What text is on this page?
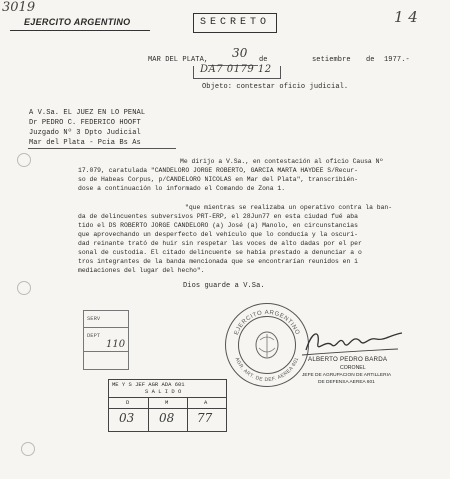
3019
EJERCITO ARGENTINO	SECRETO	1 4
MAR DEL PLATA, 30 de	setiembre de 1977.-
DA7 0179 12
Objeto: contestar oficio judicial.
A V.Sa. EL JUEZ EN LO PENAL
Dr PEDRO C. FEDERICO HOOFT
Juzgado Nº 3 Dpto Judicial
Mar del Plata - Pcia Bs As
Me dirijo a V.Sa., en contestación al oficio Causa Nº
17.079, caratulada "CANDELORO JORGE ROBERTO, GARCIA MARTA HAYDEE S/Recur-
so de Habeas Corpus, p/CANDELORO NICOLAS en Mar del Plata", transcribién-
dose a continuación lo informado el Comando de Zona 1.
"que mientras se realizaba un operativo contra la ban-
da de delincuentes subversivos PRT-ERP, el 28Jun77 en esta ciudad fué aba
tido el DS ROBERTO JORGE CANDELORO (a) José (a) Manolo, en circunstancias
que aprovechando un desperfecto del vehículo que lo conducía y la oscuri-
dad reinante trató de huir sin respetar las voces de alto dadas por el per
sonal de custodia. El citado delincuente se había prestado a denunciar a o
tros integrantes de la banda mencionada que se encontrarían reunidos en i
mediaciones del lugar del hecho".
Dios guarde a V.Sa.
SERV
DEPT
110
EJERCITO ARGENTINO
AGR. ART. DE DEF. AEREA 601 ALBERTO PEDRO BARDA
CORONEL
JEFE DE AGRUPACION DE ARTILLERIA
DE DEFENSA AEREA 601
ME Y S JEF AGR ADA 601
S A L I D O
D	M	A
03 08 77
